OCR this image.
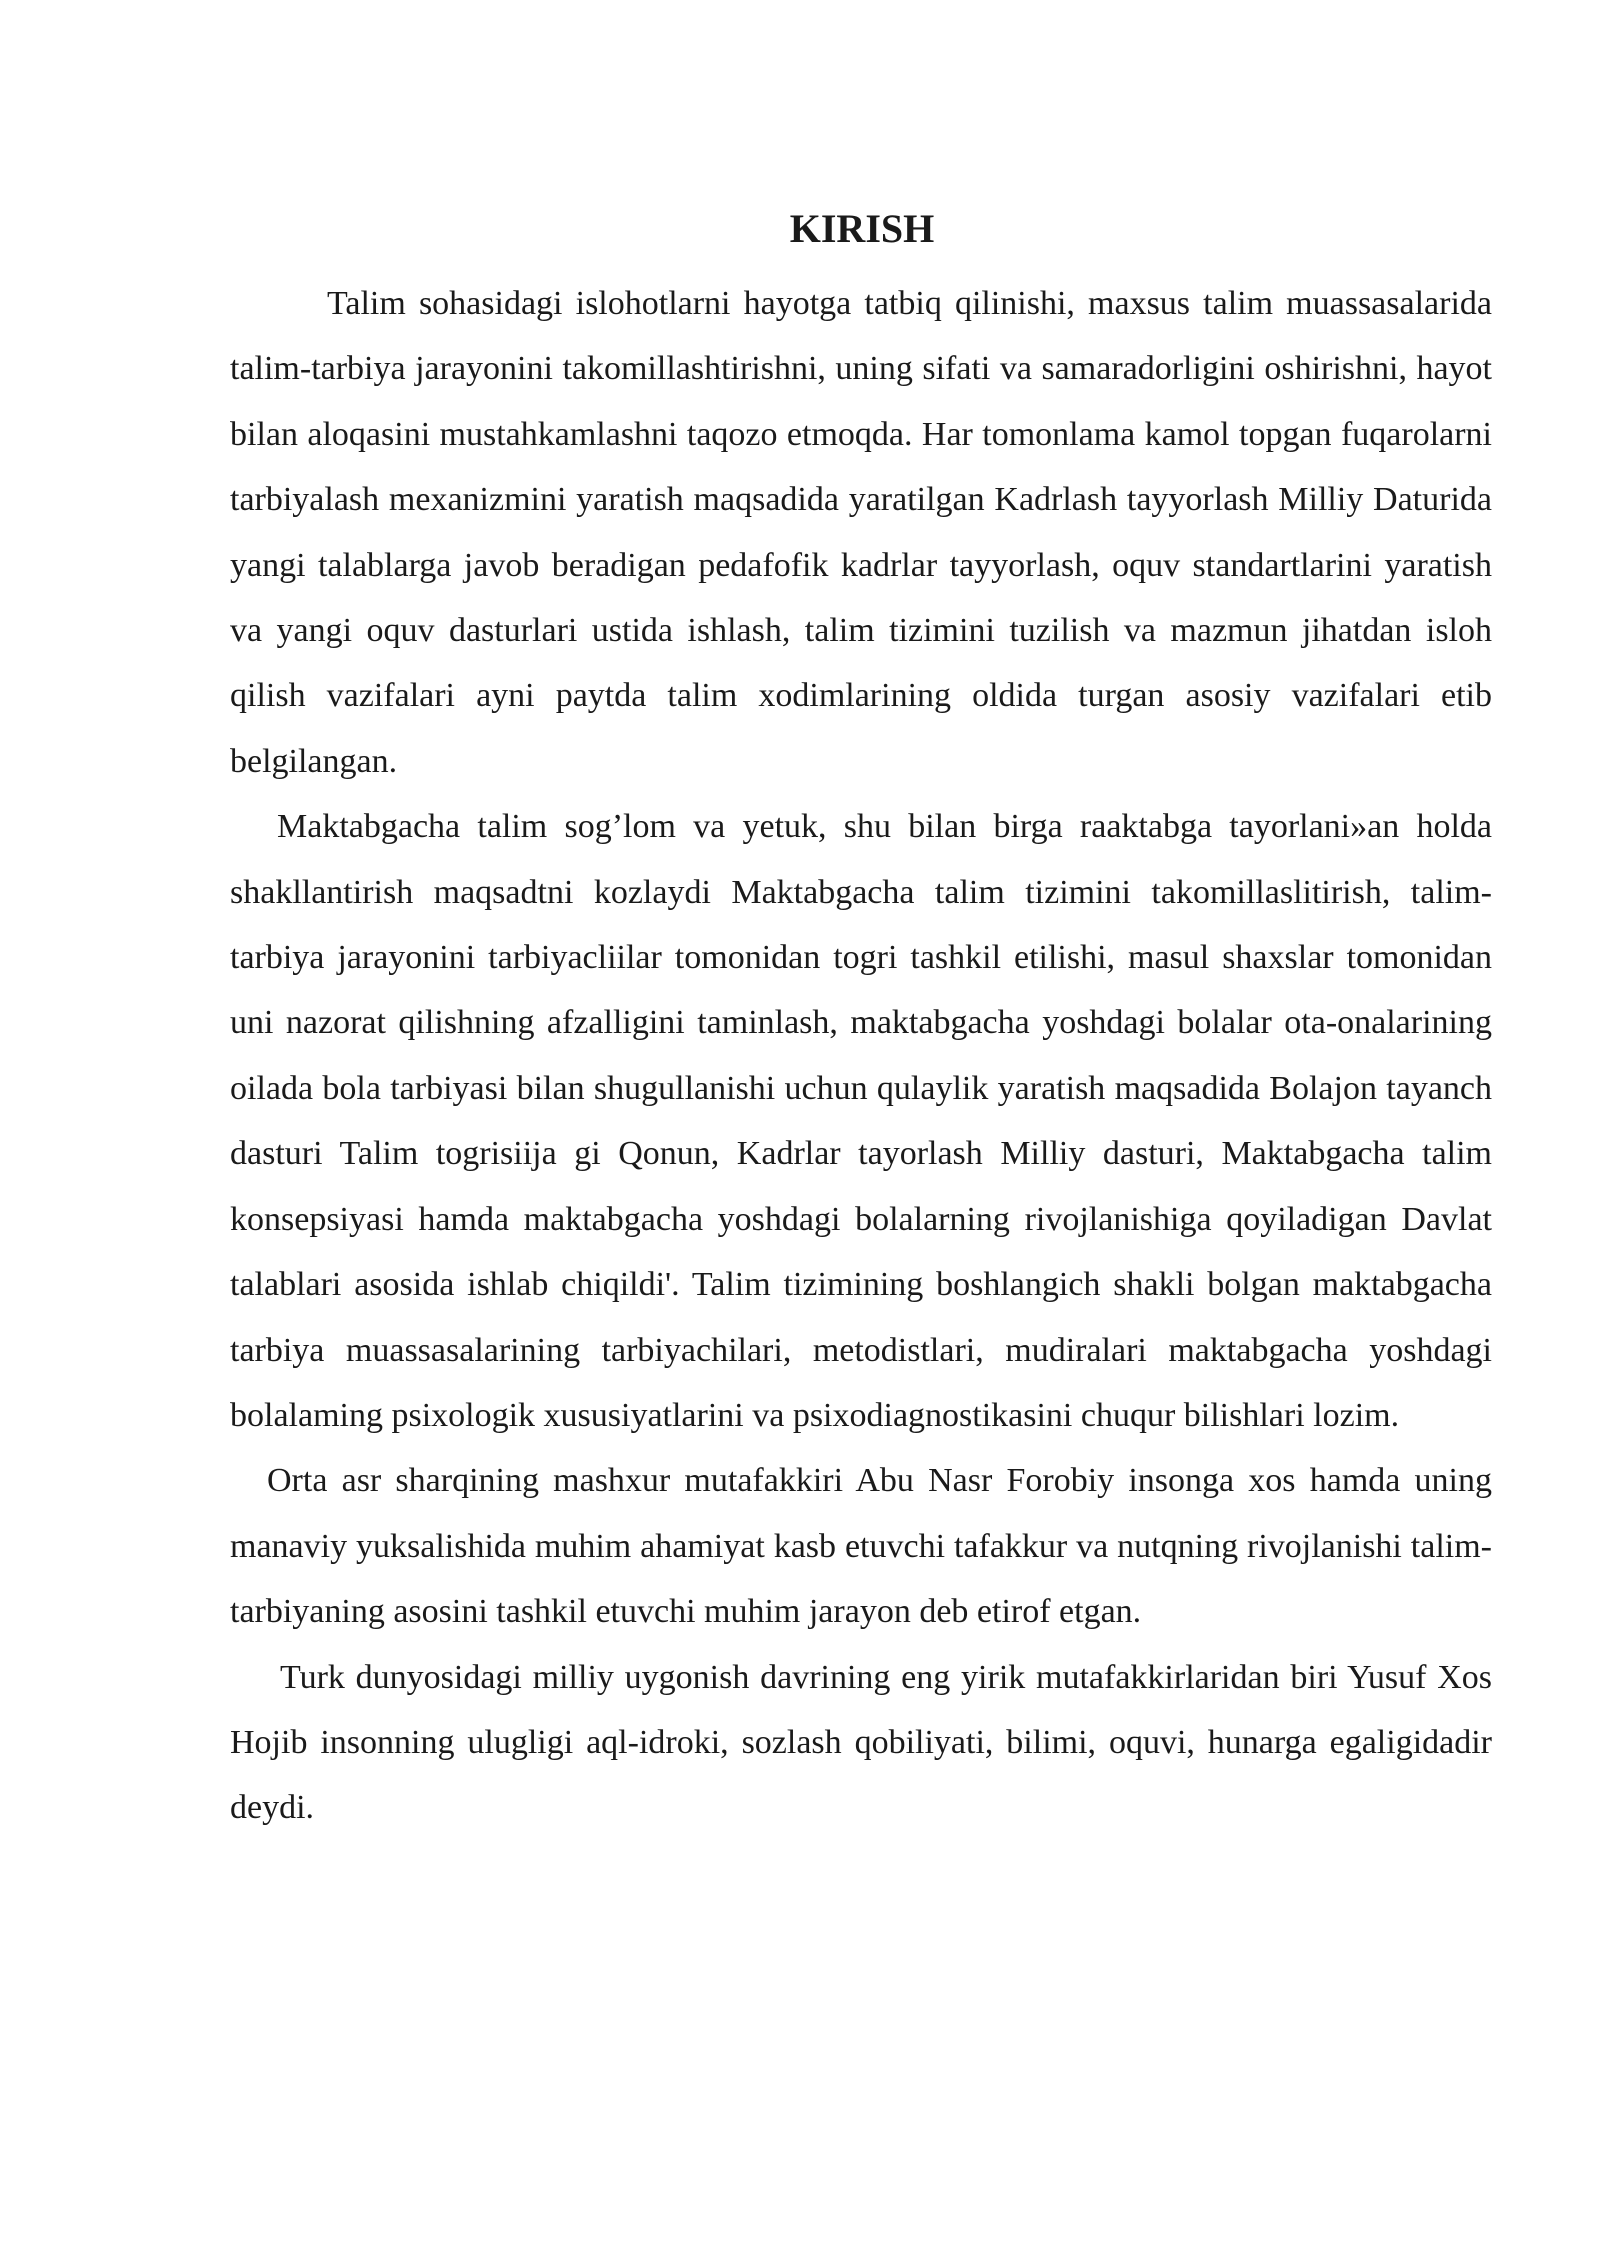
KIRISH

Talim sohasidagi islohotlarni hayotga tatbiq qilinishi, maxsus talim muassasalarida talim-tarbiya jarayonini takomillashtirishni, uning sifati va samaradorligini oshirishni, hayot bilan aloqasini mustahkamlashni taqozo etmoqda. Har tomonlama kamol topgan fuqarolarni tarbiyalash mexanizmini yaratish maqsadida yaratilgan Kadrlash tayyorlash Milliy Daturida yangi talablarga javob beradigan pedafofik kadrlar tayyorlash, oquv standartlarini yaratish va yangi oquv dasturlari ustida ishlash, talim tizimini tuzilish va mazmun jihatdan isloh qilish vazifalari ayni paytda talim xodimlarining oldida turgan asosiy vazifalari etib belgilangan.

Maktabgacha talim sog’lom va yetuk, shu bilan birga raaktabga tayorlani»an holda shakllantirish maqsadtni kozlaydi Maktabgacha talim tizimini takomillaslitirish, talim-tarbiya jarayonini tarbiyacliilar tomonidan togri tashkil etilishi, masul shaxslar tomonidan uni nazorat qilishning afzalligini taminlash, maktabgacha yoshdagi bolalar ota-onalarining oilada bola tarbiyasi bilan shugullanishi uchun qulaylik yaratish maqsadida Bolajon tayanch dasturi Talim togrisiija gi Qonun, Kadrlar tayorlash Milliy dasturi, Maktabgacha talim konsepsiyasi hamda maktabgacha yoshdagi bolalarning rivojlanishiga qoyiladigan Davlat talablari asosida ishlab chiqildi'. Talim tizimining boshlangich shakli bolgan maktabgacha tarbiya muassasalarining tarbiyachilari, metodistlari, mudiralari maktabgacha yoshdagi bolalaming psixologik xususiyatlarini va psixodiagnostikasini chuqur bilishlari lozim.

Orta asr sharqining mashxur mutafakkiri Abu Nasr Forobiy insonga xos hamda uning manaviy yuksalishida muhim ahamiyat kasb etuvchi tafakkur va nutqning rivojlanishi talim-tarbiyaning asosini tashkil etuvchi muhim jarayon deb etirof etgan.

Turk dunyosidagi milliy uygonish davrining eng yirik mutafakkirlaridan biri Yusuf Xos Hojib insonning ulugligi aql-idroki, sozlash qobiliyati, bilimi, oquvi, hunarga egaligidadir deydi.
